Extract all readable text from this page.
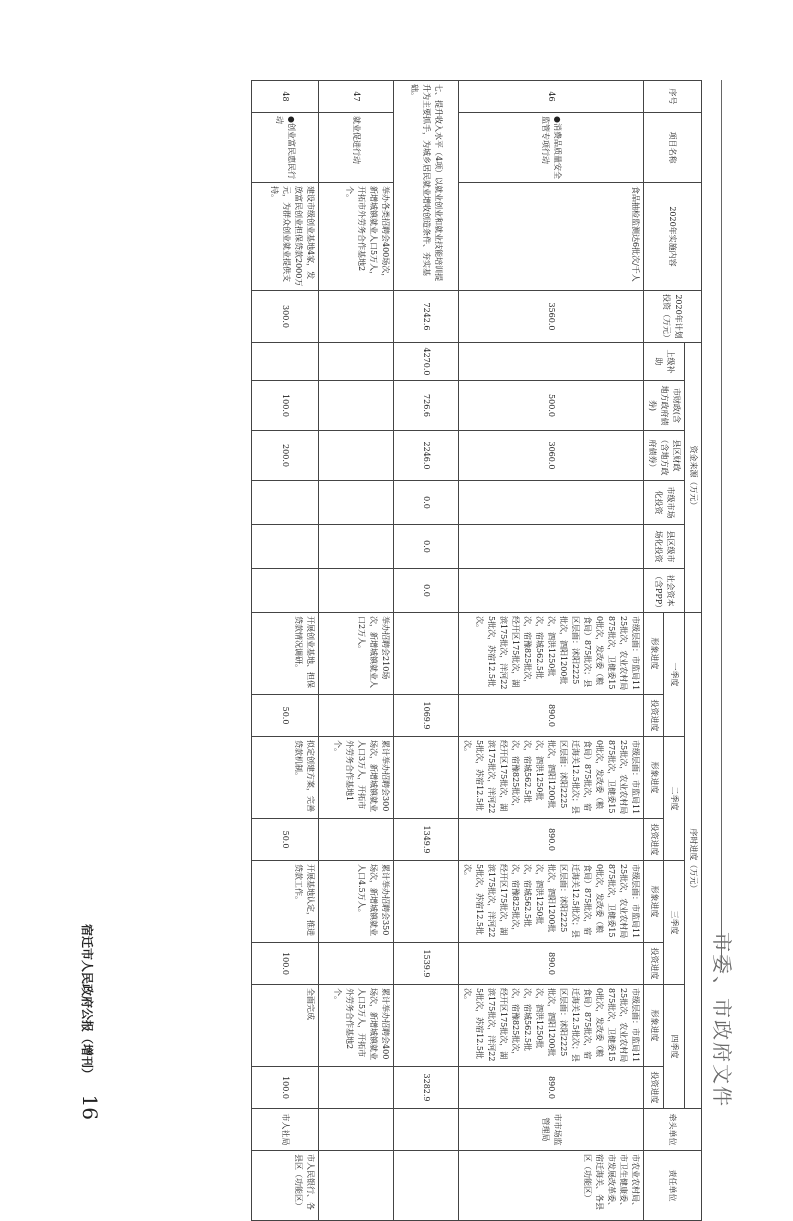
市委、市政府文件
序号	项目名称	2020年实施内容	2020年计划投资（万元）	资金来源（万元）						序时进度（万元）								牵头单位	责任单位
				上级补助	市财政(含地方政府债券)	县区财政（含地方政府债券）	市级市场化投资	县区级市场化投资	社会资本（含PPP）	一季度		二季度		三季度		四季度			
										形象进度	投资进度	形象进度	投资进度	形象进度	投资进度	形象进度	投资进度		
46	●消费品质量安全监管专项行动	食品抽检监测达6批次/千人	3560.0		500.0	3060.0				市级层面：市监局1125批次，农业农村局875批次，卫健委150批次，发改委（粮食局）875批次；县区层面：沭阳2225批次，泗阳1200批次，泗洪1250批次，宿城562.5批次，宿豫825批次，经开区175批次，湖滨175批次，洋河225批次，苏宿12.5批次。	890.0	市级层面：市监局1125批次，农业农村局875批次，卫健委150批次，发改委（粮食局）875批次，宿迁海关12.5批次；县区层面：沭阳2225批次，泗阳1200批次，泗洪1250批次，宿城562.5批次，宿豫825批次，经开区175批次，湖滨175批次，洋河225批次，苏宿12.5批次。	890.0	市级层面：市监局1125批次，农业农村局875批次，卫健委150批次，发改委（粮食局）875批次，宿迁海关12.5批次；县区层面：沭阳2225批次，泗阳1200批次，泗洪1250批次，宿城562.5批次，宿豫825批次，经开区175批次，湖滨175批次，洋河225批次，苏宿12.5批次。	890.0	市级层面：市监局1125批次，农业农村局875批次，卫健委150批次，发改委（粮食局）875批次，宿迁海关12.5批次；县区层面：沭阳2225批次，泗阳1200批次，泗洪1250批次，宿城562.5批次，宿豫825批次，经开区175批次，湖滨175批次，洋河225批次，苏宿12.5批次。	890.0	市市场监管理局	市农业农村局、市卫生健康委、市发展改革委、宿迁海关、各县区（功能区）
七、提升收入水平（4项）以就业创业和就业技能培训提升为主要抓手，为城乡居民就业增收创造条件、夯实基础。			7242.6	4270.0	726.6	2246.0	0.0	0.0	0.0		1069.9		1349.9		1539.9		3282.9		
47	就业促进行动	举办各类招聘会400场次，新增城镇就业人口5万人，开拓市外劳务合作基地2个。								举办招聘会210场次，新增城镇就业人口2万人。		累计举办招聘会300场次，新增城镇就业人口3万人，开拓市外劳务合作基地1个。		累计举办招聘会350场次，新增城镇就业人口4.5万人。		累计举办招聘会400场次，新增城镇就业人口5万人，开拓市外劳务合作基地2个。			
48	●创业富民惠民行动	建设市级创业基地4家，发放富民创业担保贷款2000万元，为群众创业就业提供支持。	300.0		100.0	200.0				开展创业基地、担保贷款情况调研。	50.0	拟定创建方案，完善贷款机制。	50.0	开展基地认定，推进贷款工作。	100.0	全面完成	100.0	市人社局	市人民银行、各县区（功能区）
宿迁市人民政府公报（增刊）
16
